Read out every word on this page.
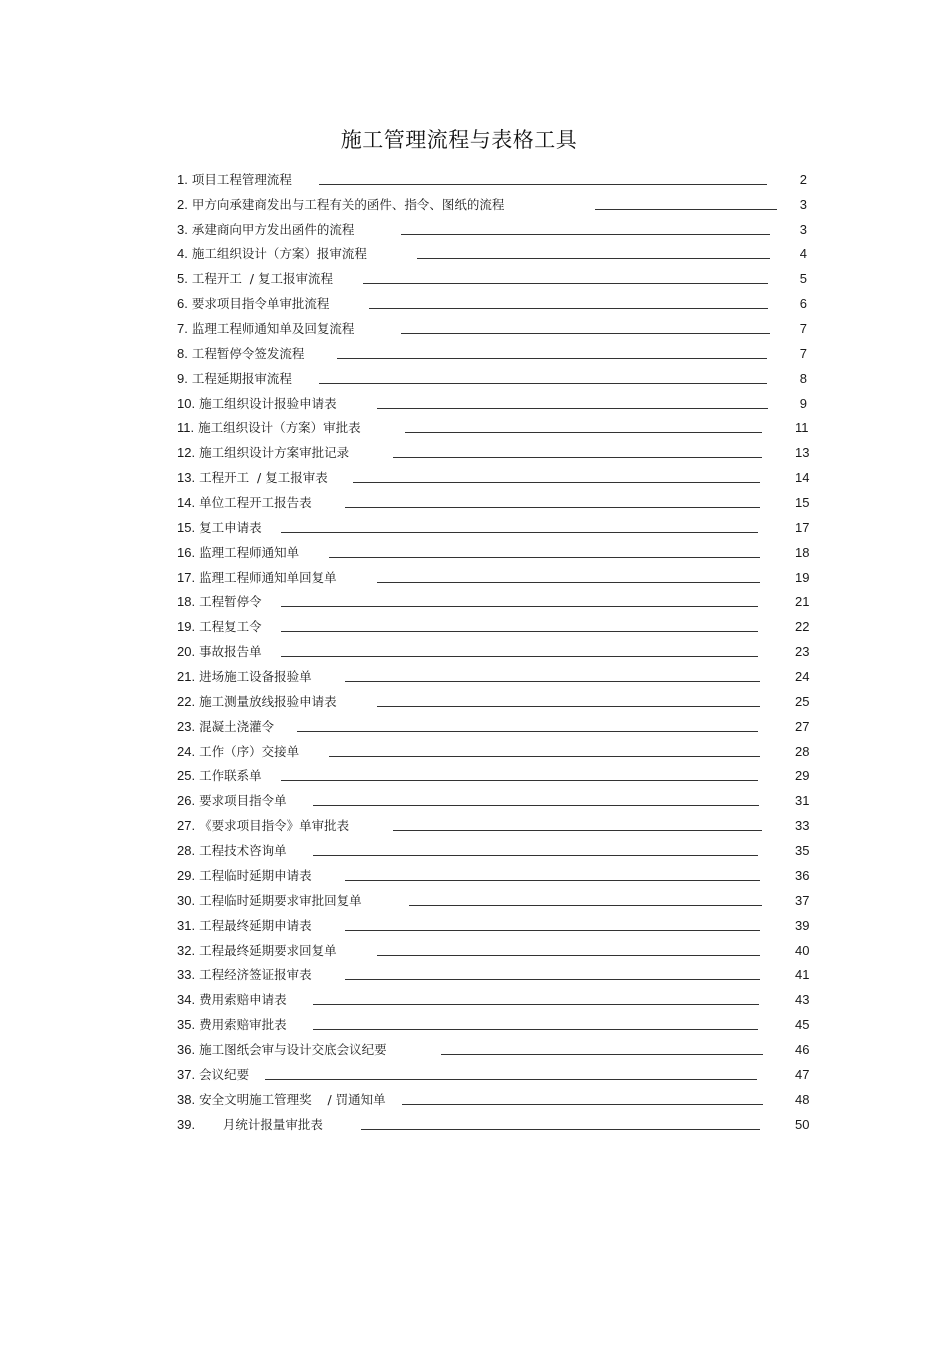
施工管理流程与表格工具
1. 项目工程管理流程	2
2. 甲方向承建商发出与工程有关的函件、指令、图纸的流程	3
3. 承建商向甲方发出函件的流程	3
4. 施工组织设计（方案）报审流程	4
5. 工程开工  / 复工报审流程	5
6. 要求项目指令单审批流程	6
7. 监理工程师通知单及回复流程	7
8. 工程暂停令签发流程	7
9. 工程延期报审流程	8
10. 施工组织设计报验申请表	9
11. 施工组织设计（方案）审批表	11
12. 施工组织设计方案审批记录	13
13. 工程开工  / 复工报审表	14
14. 单位工程开工报告表	15
15. 复工申请表	17
16. 监理工程师通知单	18
17. 监理工程师通知单回复单	19
18. 工程暂停令	21
19. 工程复工令	22
20. 事故报告单	23
21. 进场施工设备报验单	24
22. 施工测量放线报验申请表	25
23. 混凝土浇灌令	27
24. 工作（序）交接单	28
25. 工作联系单	29
26. 要求项目指令单	31
27. 《要求项目指令》单审批表	33
28. 工程技术咨询单	35
29. 工程临时延期申请表	36
30. 工程临时延期要求审批回复单	37
31. 工程最终延期申请表	39
32. 工程最终延期要求回复单	40
33. 工程经济签证报审表	41
34. 费用索赔申请表	43
35. 费用索赔审批表	45
36. 施工图纸会审与设计交底会议纪要	46
37. 会议纪要	47
38. 安全文明施工管理奖    / 罚通知单	48
39.       月统计报量审批表	50
